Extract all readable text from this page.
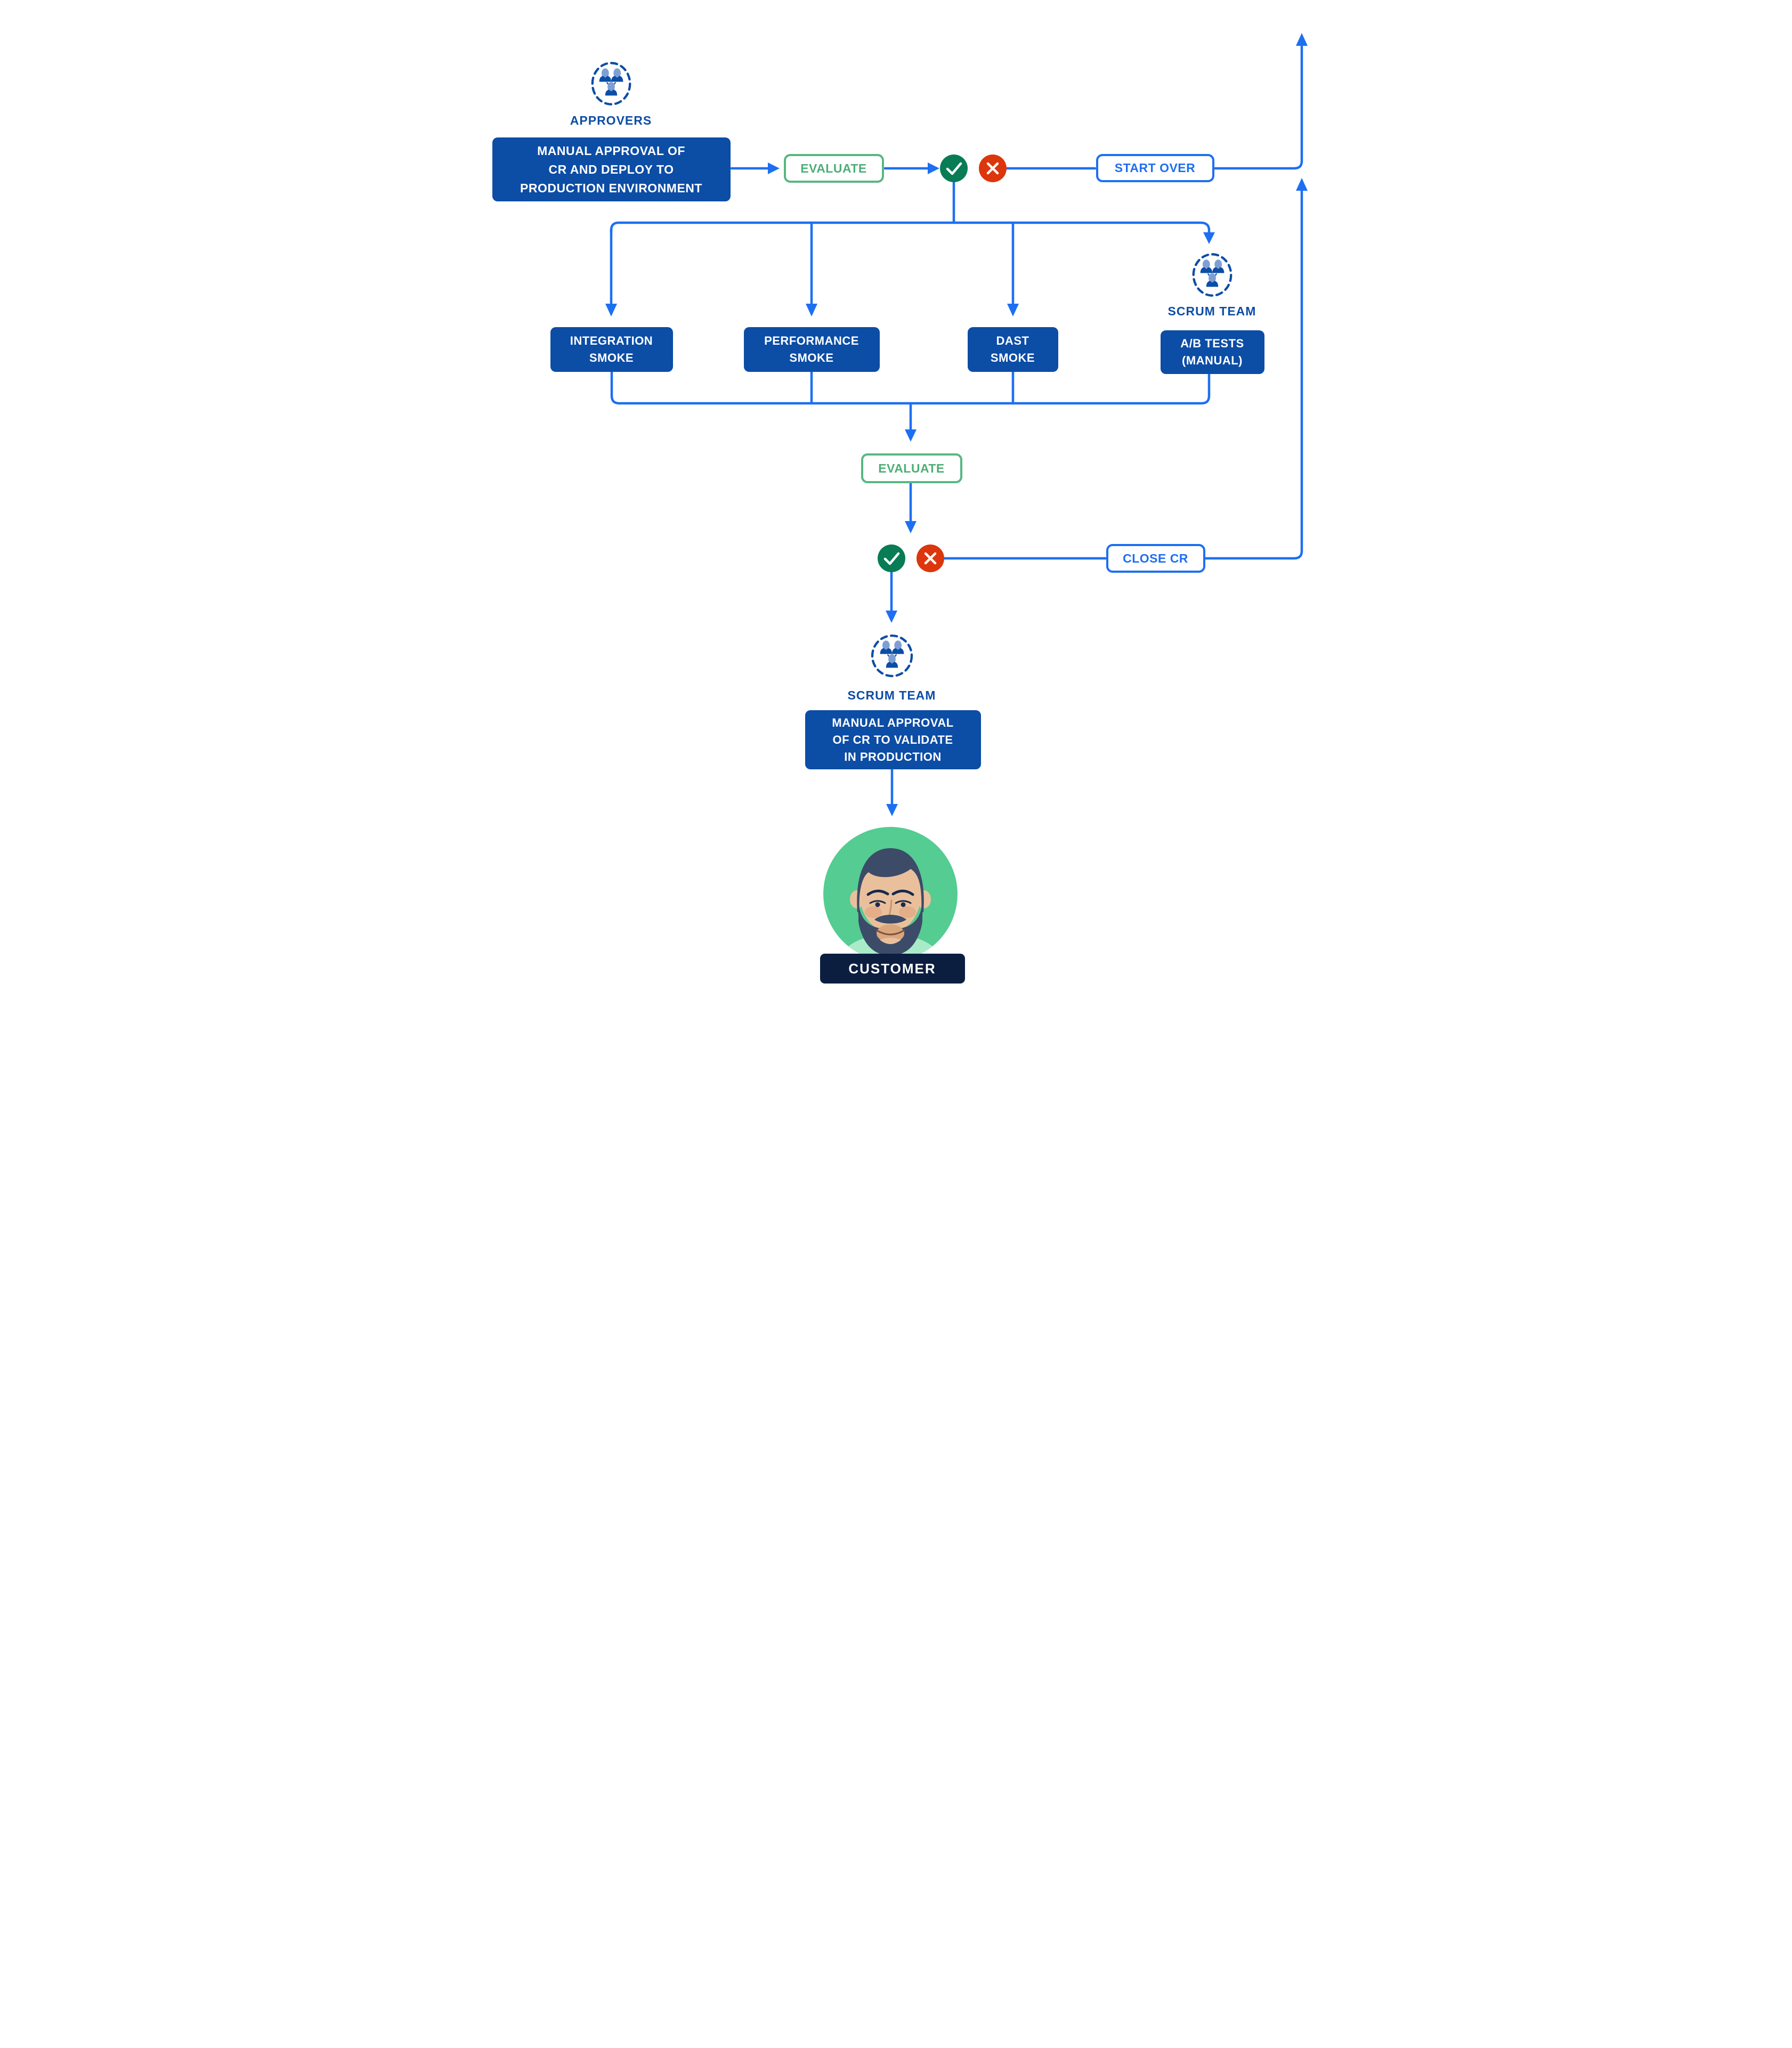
APPROVERS
MANUAL APPROVAL OF
CR AND DEPLOY TO
PRODUCTION ENVIRONMENT
EVALUATE	START OVER
SCRUM TEAM
INTEGRATION
SMOKE
PERFORMANCE
SMOKE
DAST
SMOKE
A/B TESTS
(MANUAL)
EVALUATE
CLOSE CR
SCRUM TEAM
MANUAL APPROVAL
OF CR TO VALIDATE
IN PRODUCTION
CUSTOMER
